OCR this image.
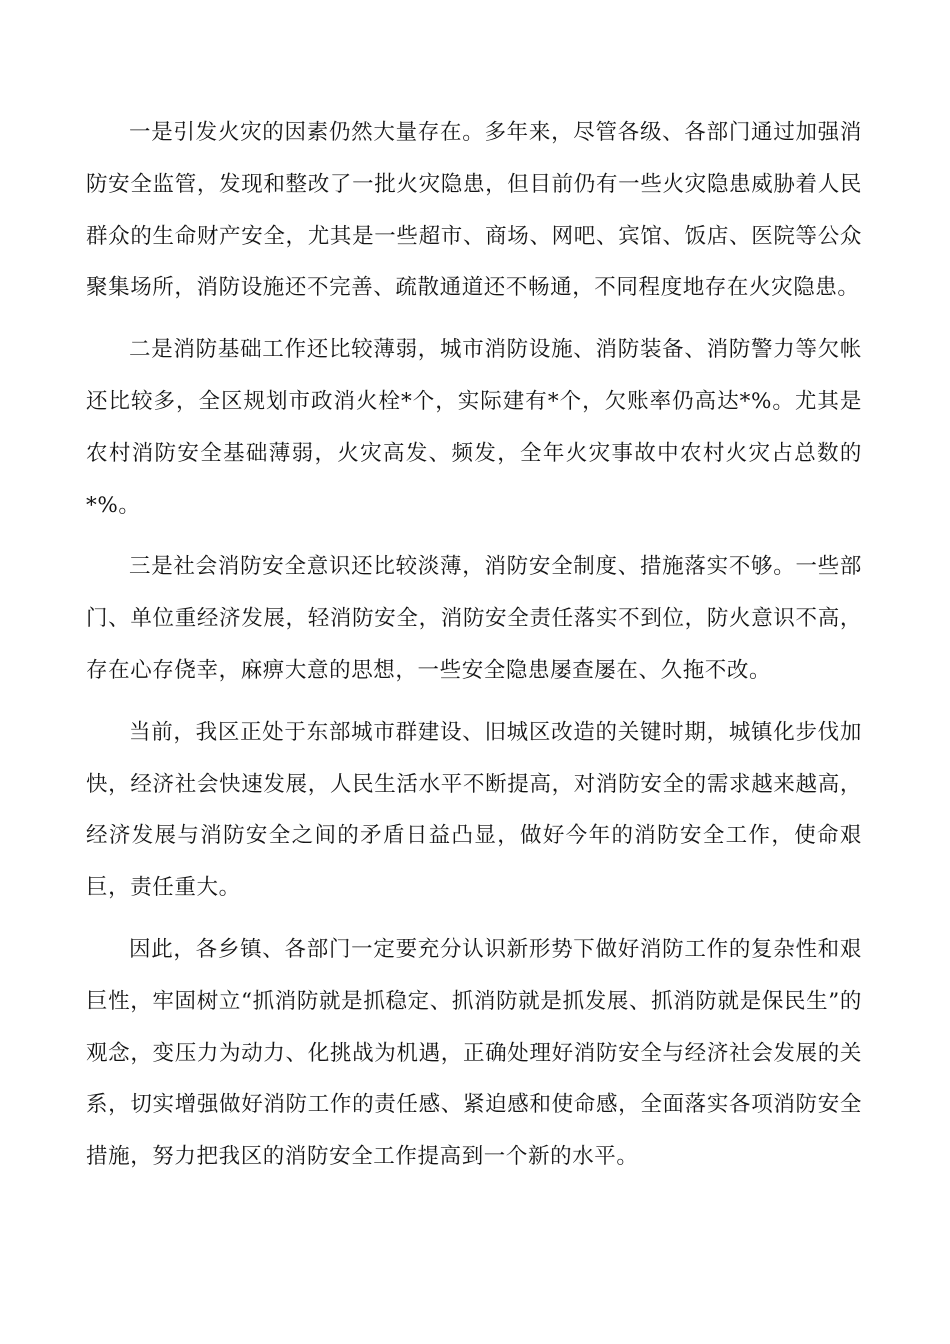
一是引发火灾的因素仍然大量存在。多年来，尽管各级、各部门通过加强消防安全监管，发现和整改了一批火灾隐患，但目前仍有一些火灾隐患威胁着人民群众的生命财产安全，尤其是一些超市、商场、网吧、宾馆、饭店、医院等公众聚集场所，消防设施还不完善、疏散通道还不畅通，不同程度地存在火灾隐患。

二是消防基础工作还比较薄弱，城市消防设施、消防装备、消防警力等欠帐还比较多，全区规划市政消火栓*个，实际建有*个，欠账率仍高达*%。尤其是农村消防安全基础薄弱，火灾高发、频发，全年火灾事故中农村火灾占总数的*%。

三是社会消防安全意识还比较淡薄，消防安全制度、措施落实不够。一些部门、单位重经济发展，轻消防安全，消防安全责任落实不到位，防火意识不高，存在心存侥幸，麻痹大意的思想，一些安全隐患屡查屡在、久拖不改。

当前，我区正处于东部城市群建设、旧城区改造的关键时期，城镇化步伐加快，经济社会快速发展，人民生活水平不断提高，对消防安全的需求越来越高，经济发展与消防安全之间的矛盾日益凸显，做好今年的消防安全工作，使命艰巨，责任重大。

因此，各乡镇、各部门一定要充分认识新形势下做好消防工作的复杂性和艰巨性，牢固树立“抓消防就是抓稳定、抓消防就是抓发展、抓消防就是保民生”的观念，变压力为动力、化挑战为机遇，正确处理好消防安全与经济社会发展的关系，切实增强做好消防工作的责任感、紧迫感和使命感，全面落实各项消防安全措施，努力把我区的消防安全工作提高到一个新的水平。
